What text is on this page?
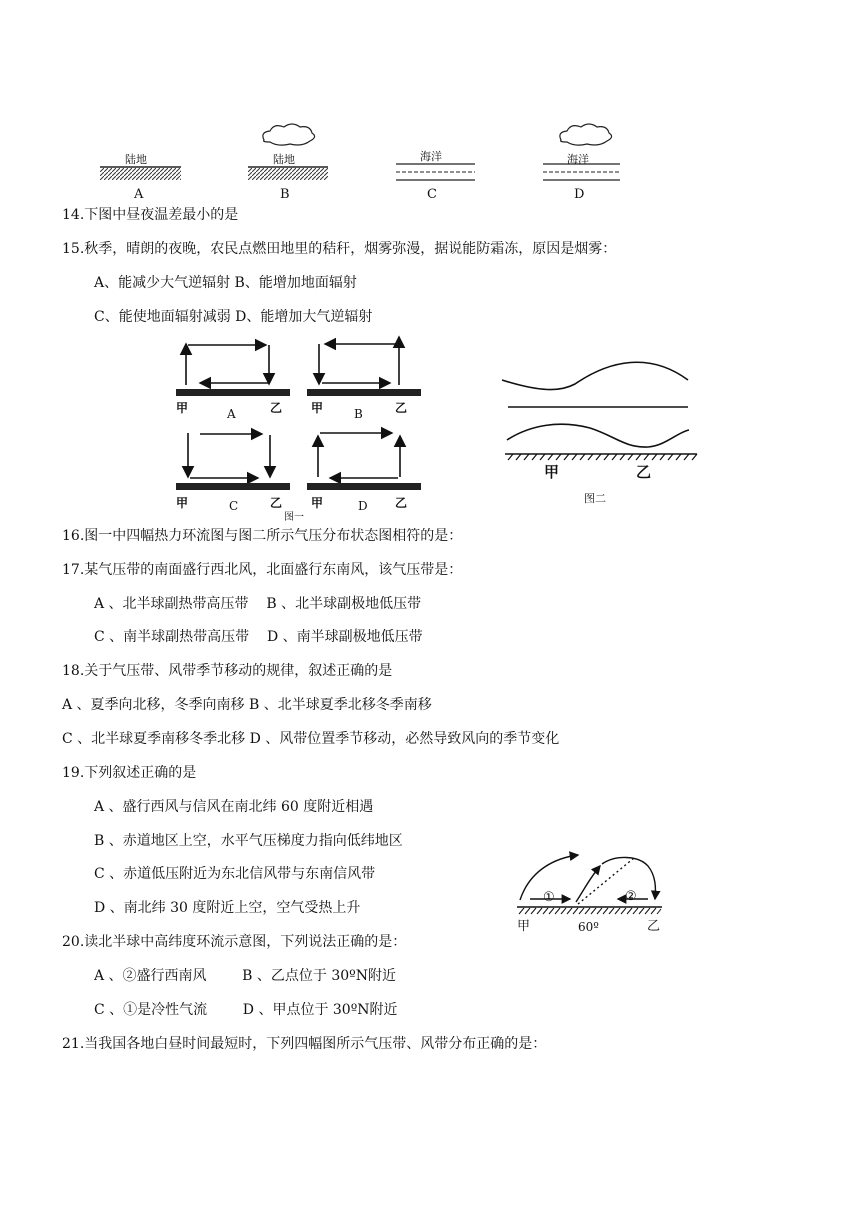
陆地
A
陆地
B
海洋
C
海洋
D
14.下图中昼夜温差最小的是
15.秋季，晴朗的夜晚，农民点燃田地里的秸秆，烟雾弥漫，据说能防霜冻，原因是烟雾：
A、能减少大气逆辐射 B、能增加地面辐射
C、能使地面辐射减弱 D、能增加大气逆辐射
甲	A	乙 甲	B	乙
甲	C	乙 甲	D 乙
图一
甲	乙
图二
16.图一中四幅热力环流图与图二所示气压分布状态图相符的是：
17.某气压带的南面盛行西北风，北面盛行东南风，该气压带是：
A 、北半球副热带高压带    B 、北半球副极地低压带
C 、南半球副热带高压带    D 、南半球副极地低压带
18.关于气压带、风带季节移动的规律，叙述正确的是
A 、夏季向北移，冬季向南移 B 、北半球夏季北移冬季南移
C 、北半球夏季南移冬季北移 D 、风带位置季节移动，必然导致风向的季节变化
19.下列叙述正确的是
A 、盛行西风与信风在南北纬 60 度附近相遇
B 、赤道地区上空，水平气压梯度力指向低纬地区
C 、赤道低压附近为东北信风带与东南信风带
D 、南北纬 30 度附近上空，空气受热上升
①	②
甲	60º	乙
20.读北半球中高纬度环流示意图，下列说法正确的是：
A 、②盛行西南风        B 、乙点位于 30ºN附近
C 、①是冷性气流        D 、甲点位于 30ºN附近
21.当我国各地白昼时间最短时，下列四幅图所示气压带、风带分布正确的是：
